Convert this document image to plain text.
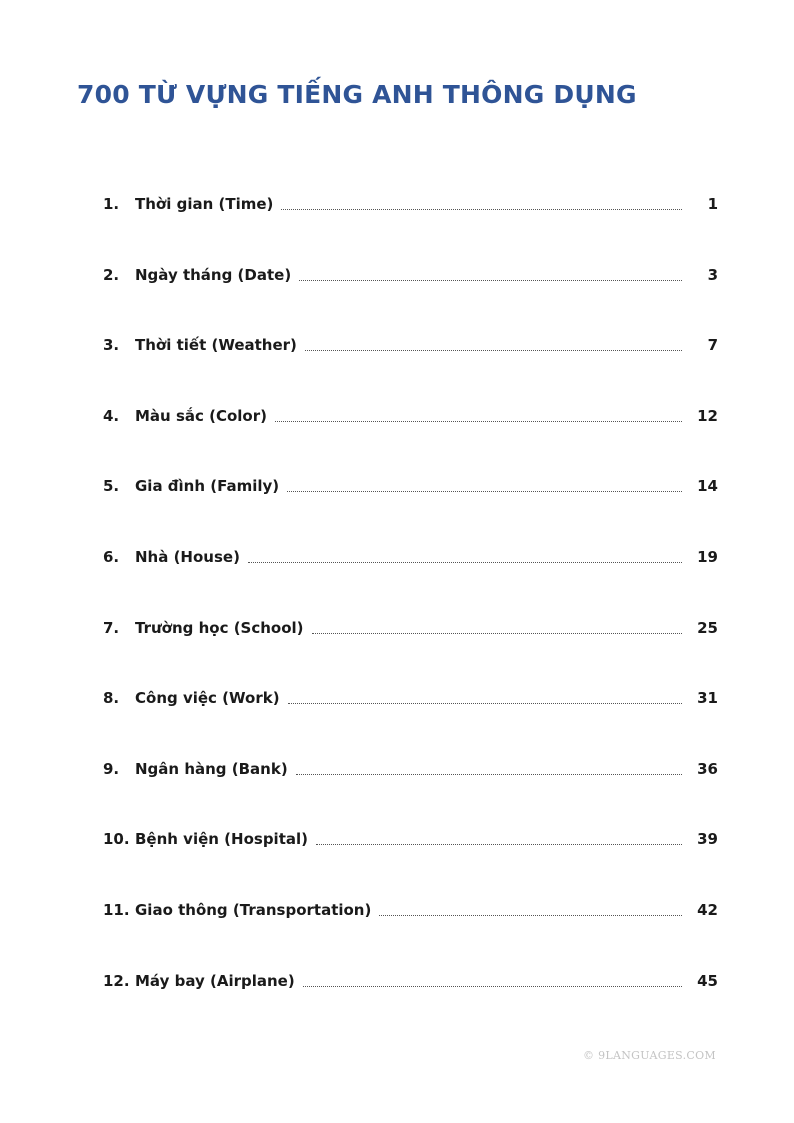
700 TỪ VỰNG TIẾNG ANH THÔNG DỤNG
1.	Thời gian (Time)	1
2.	Ngày tháng (Date)	3
3.	Thời tiết (Weather)	7
4.	Màu sắc (Color)	12
5.	Gia đình (Family)	14
6.	Nhà (House)	19
7.	Trường học (School)	25
8.	Công việc (Work)	31
9.	Ngân hàng (Bank)	36
10. Bệnh viện (Hospital)	39
11. Giao thông (Transportation)	42
12. Máy bay (Airplane)	45
© 9LANGUAGES.COM
